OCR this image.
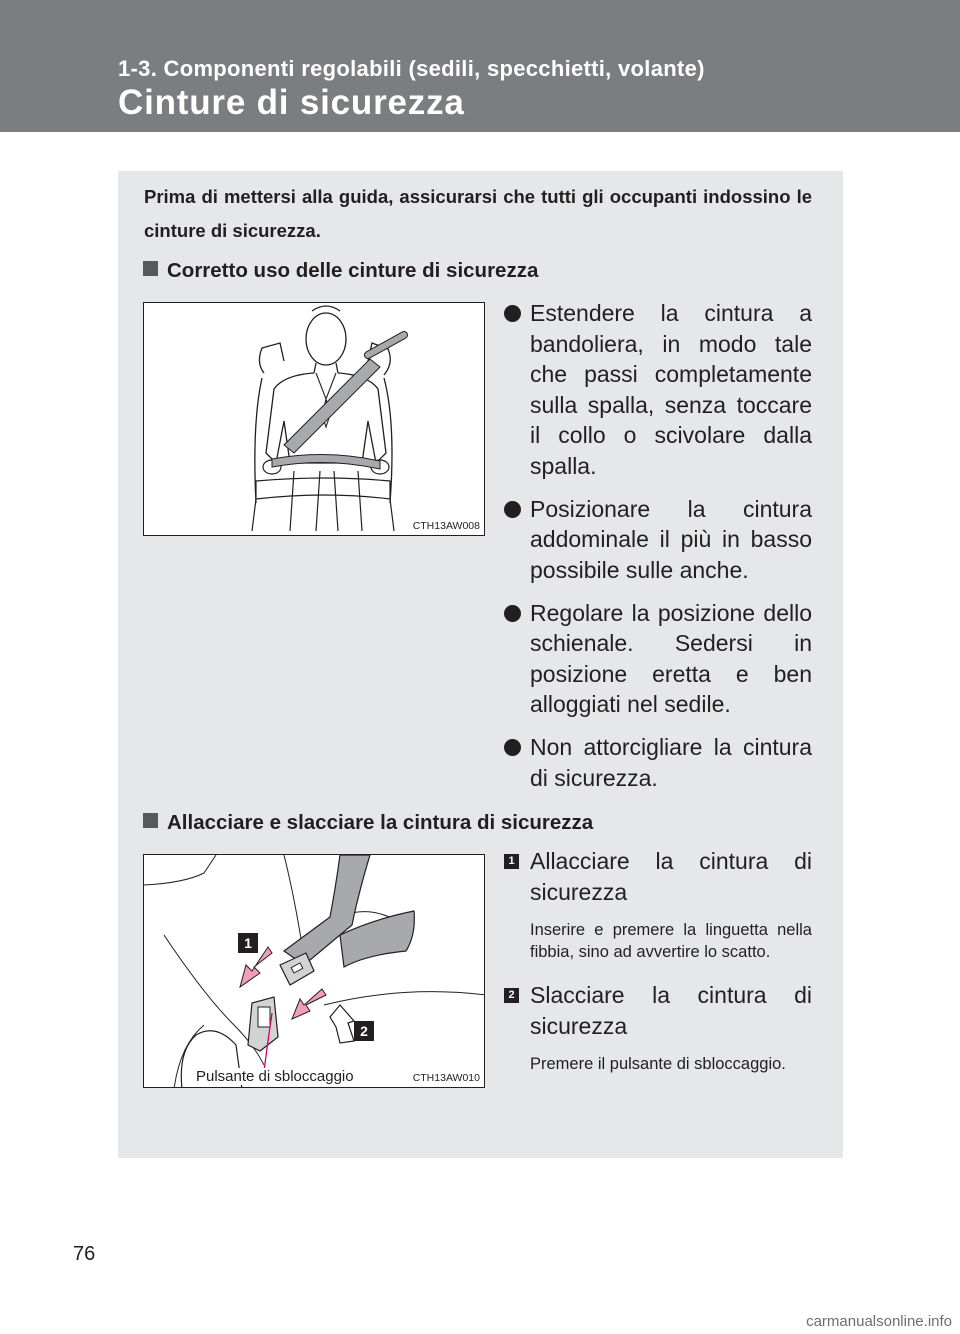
1-3. Componenti regolabili (sedili, specchietti, volante)
Cinture di sicurezza
Prima di mettersi alla guida, assicurarsi che tutti gli occupanti indossino le cinture di sicurezza.
Corretto uso delle cinture di sicurezza
CTH13AW008
Estendere la cintura a bandoliera, in modo tale che passi completamente sulla spalla, senza toccare il collo o scivolare dalla spalla.
Posizionare la cintura addominale il più in basso possibile sulle anche.
Regolare la posizione dello schienale. Sedersi in posizione eretta e ben alloggiati nel sedile.
Non attorcigliare la cintura di sicurezza.
Allacciare e slacciare la cintura di sicurezza
1
2
Pulsante di sbloccaggio	CTH13AW010
1 Allacciare la cintura di sicurezza
Inserire e premere la linguetta nella fibbia, sino ad avvertire lo scatto.
2 Slacciare la cintura di sicurezza
Premere il pulsante di sbloccaggio.
76
carmanualsonline.info
